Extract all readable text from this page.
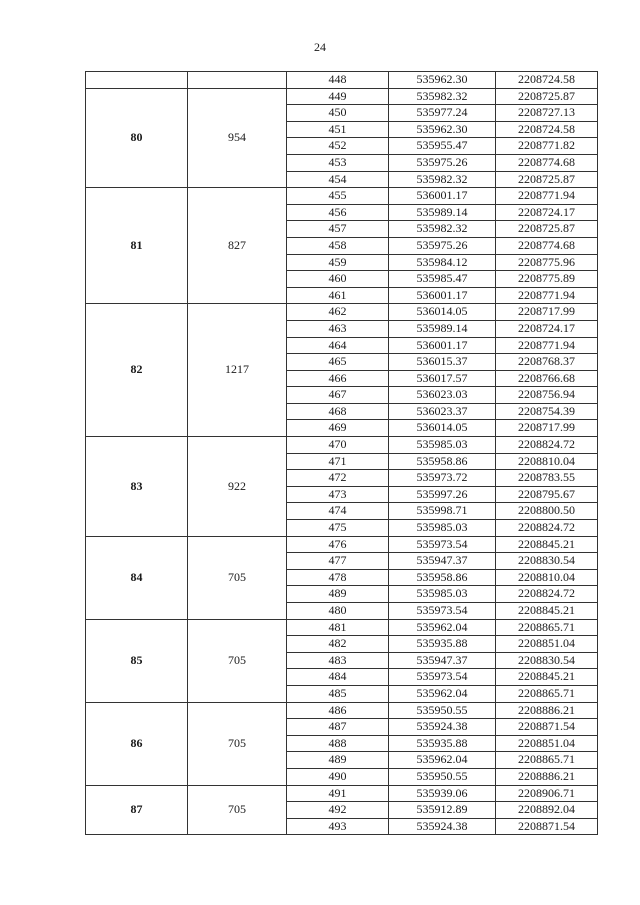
24
		448	535962.30	2208724.58
80	954	449	535982.32	2208725.87
		450	535977.24	2208727.13
		451	535962.30	2208724.58
		452	535955.47	2208771.82
		453	535975.26	2208774.68
		454	535982.32	2208725.87
81	827	455	536001.17	2208771.94
		456	535989.14	2208724.17
		457	535982.32	2208725.87
		458	535975.26	2208774.68
		459	535984.12	2208775.96
		460	535985.47	2208775.89
		461	536001.17	2208771.94
82	1217	462	536014.05	2208717.99
		463	535989.14	2208724.17
		464	536001.17	2208771.94
		465	536015.37	2208768.37
		466	536017.57	2208766.68
		467	536023.03	2208756.94
		468	536023.37	2208754.39
		469	536014.05	2208717.99
83	922	470	535985.03	2208824.72
		471	535958.86	2208810.04
		472	535973.72	2208783.55
		473	535997.26	2208795.67
		474	535998.71	2208800.50
		475	535985.03	2208824.72
84	705	476	535973.54	2208845.21
		477	535947.37	2208830.54
		478	535958.86	2208810.04
		489	535985.03	2208824.72
		480	535973.54	2208845.21
85	705	481	535962.04	2208865.71
		482	535935.88	2208851.04
		483	535947.37	2208830.54
		484	535973.54	2208845.21
		485	535962.04	2208865.71
86	705	486	535950.55	2208886.21
		487	535924.38	2208871.54
		488	535935.88	2208851.04
		489	535962.04	2208865.71
		490	535950.55	2208886.21
87	705	491	535939.06	2208906.71
		492	535912.89	2208892.04
		493	535924.38	2208871.54
